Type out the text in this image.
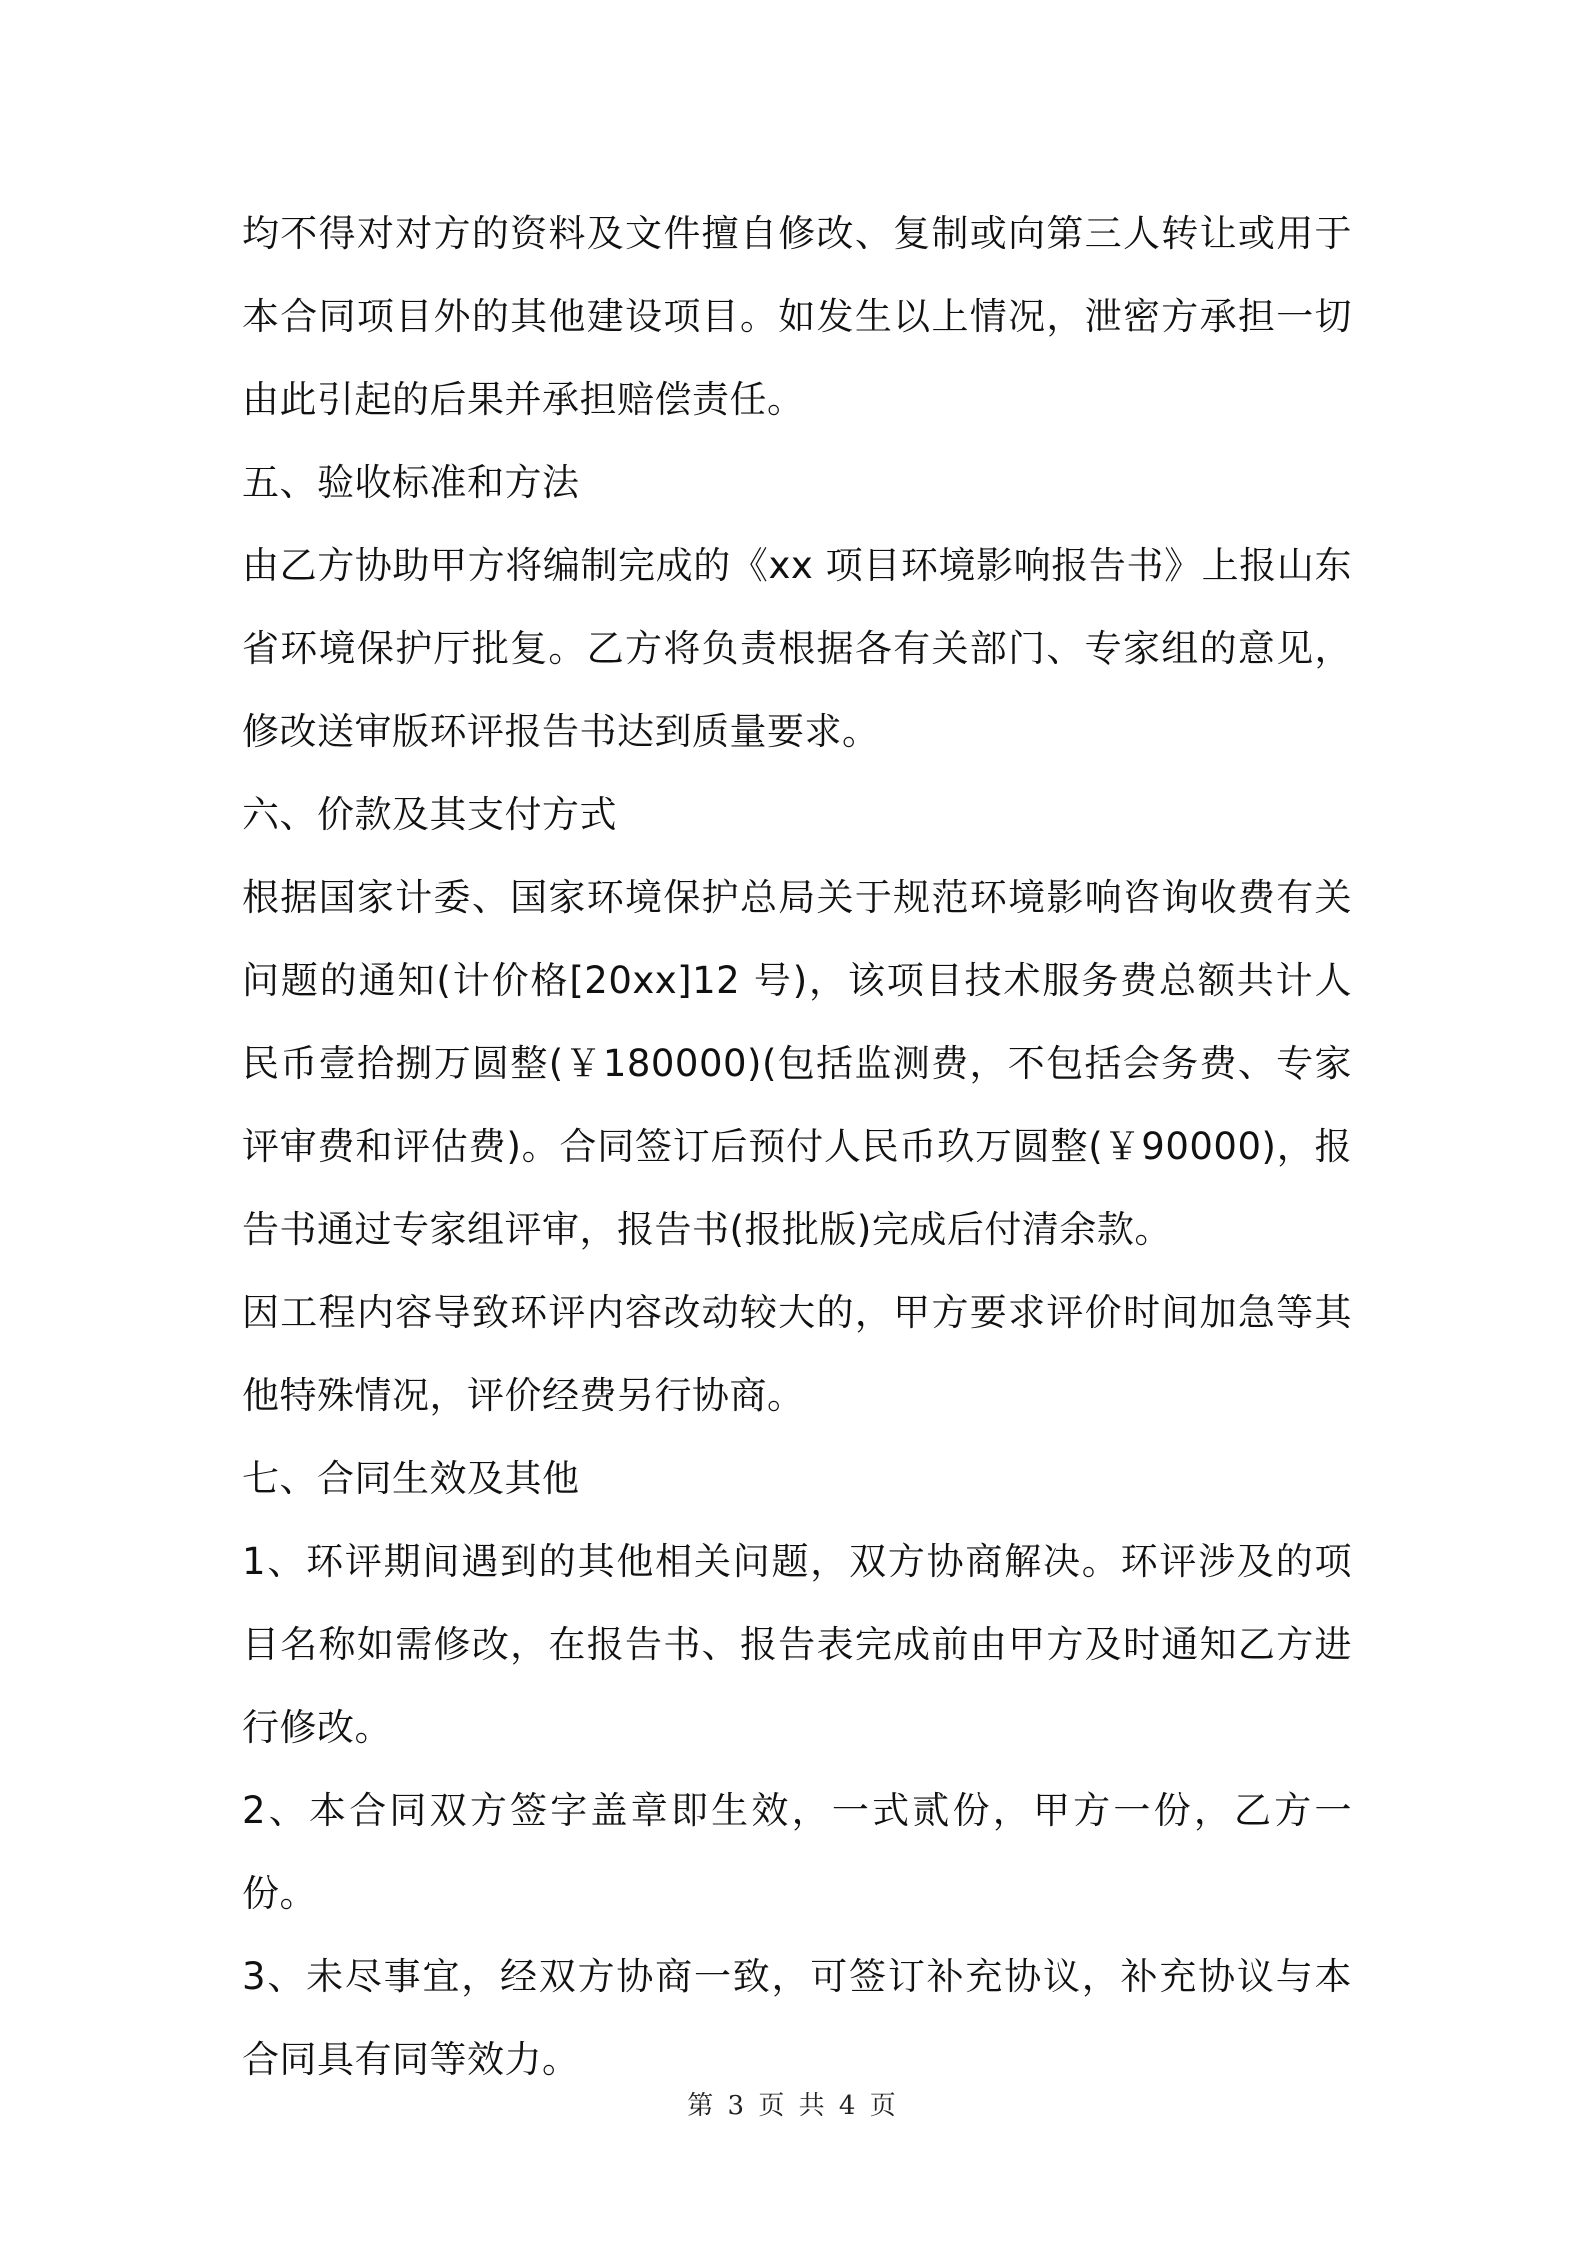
均不得对对方的资料及文件擅自修改、复制或向第三人转让或用于本合同项目外的其他建设项目。如发生以上情况，泄密方承担一切由此引起的后果并承担赔偿责任。

五、验收标准和方法

由乙方协助甲方将编制完成的《xx 项目环境影响报告书》上报山东省环境保护厅批复。乙方将负责根据各有关部门、专家组的意见，修改送审版环评报告书达到质量要求。

六、价款及其支付方式

根据国家计委、国家环境保护总局关于规范环境影响咨询收费有关问题的通知(计价格[20xx]12 号)，该项目技术服务费总额共计人民币壹拾捌万圆整(￥180000)(包括监测费，不包括会务费、专家评审费和评估费)。合同签订后预付人民币玖万圆整(￥90000)，报告书通过专家组评审，报告书(报批版)完成后付清余款。

因工程内容导致环评内容改动较大的，甲方要求评价时间加急等其他特殊情况，评价经费另行协商。

七、合同生效及其他

1、环评期间遇到的其他相关问题，双方协商解决。环评涉及的项目名称如需修改，在报告书、报告表完成前由甲方及时通知乙方进行修改。

2、本合同双方签字盖章即生效，一式贰份，甲方一份，乙方一份。

3、未尽事宜，经双方协商一致，可签订补充协议，补充协议与本合同具有同等效力。

第 3 页 共 4 页
